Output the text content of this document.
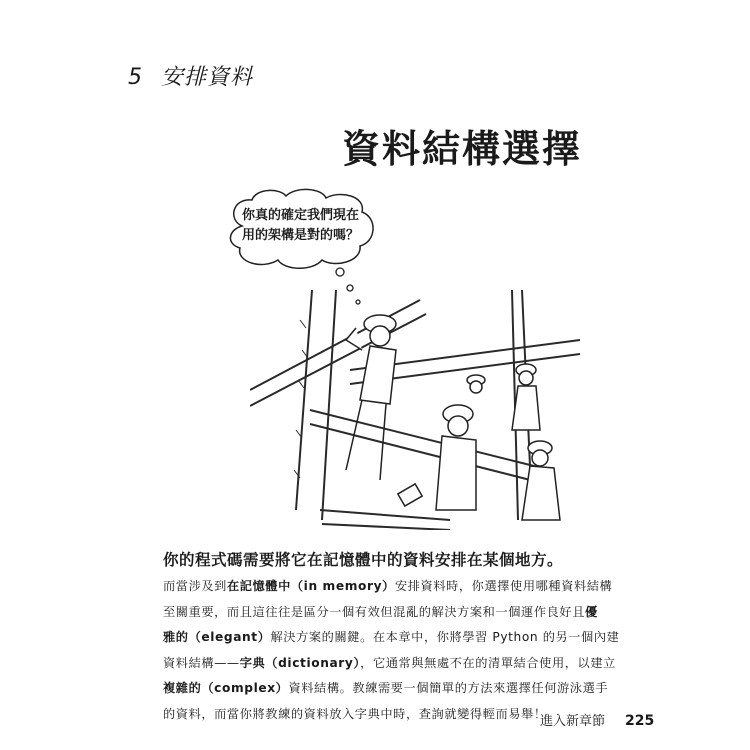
5 安排資料
資料結構選擇
你真的確定我們現在
用的架構是對的嗎？
你的程式碼需要將它在記憶體中的資料安排在某個地方。

而當涉及到在記憶體中（in memory）安排資料時，你選擇使用哪種資料結構

至關重要，而且這往往是區分一個有效但混亂的解決方案和一個運作良好且優

雅的（elegant）解決方案的關鍵。在本章中，你將學習 Python 的另一個內建

資料結構——字典（dictionary），它通常與無處不在的清單結合使用，以建立

複雜的（complex）資料結構。教練需要一個簡單的方法來選擇任何游泳選手

的資料，而當你將教練的資料放入字典中時，查詢就變得輕而易舉！

進入新章節 225
